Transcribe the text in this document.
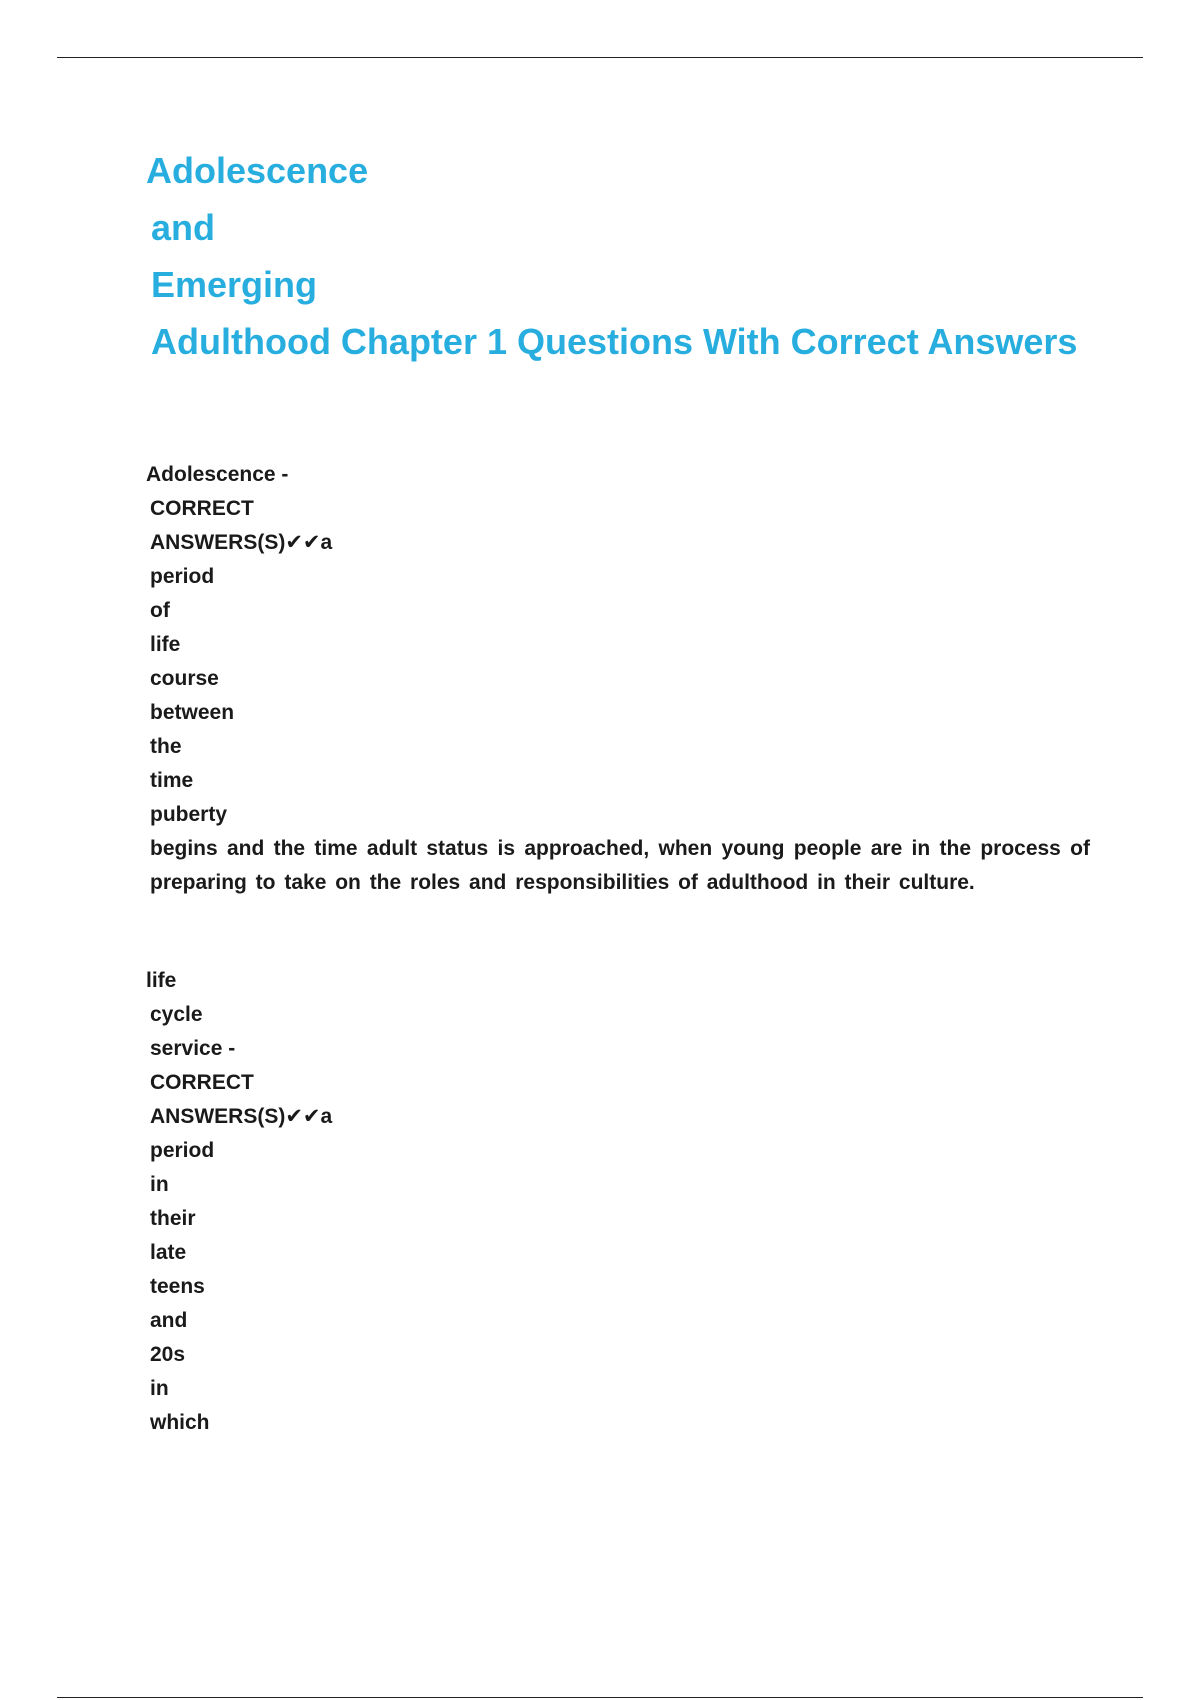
Adolescence
and
Emerging
Adulthood Chapter 1 Questions With Correct Answers
Adolescence -
CORRECT
ANSWERS(S)✔✔a
period
of
life
course
between
the
time
puberty
begins and the time adult status is approached, when young people are in the process of preparing to take on the roles and responsibilities of adulthood in their culture.
life
cycle
service -
CORRECT
ANSWERS(S)✔✔a
period
in
their
late
teens
and
20s
in
which
